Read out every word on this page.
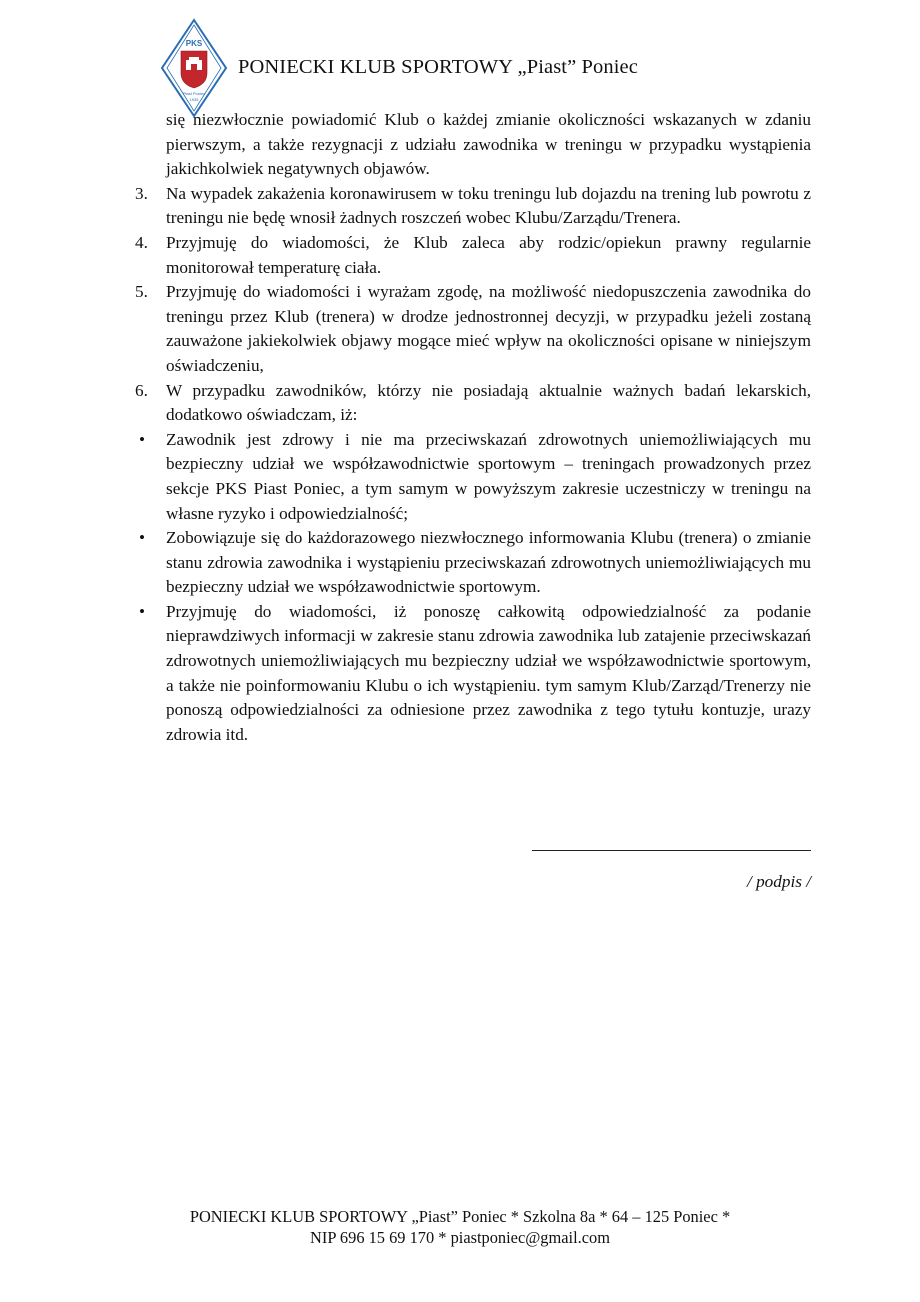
PKS
Piast Poniec
1935
PONIECKI KLUB SPORTOWY „Piast” Poniec
się niezwłocznie powiadomić Klub o każdej zmianie okoliczności wskazanych w zdaniu pierwszym, a także rezygnacji z udziału zawodnika w treningu w przypadku wystąpienia jakichkolwiek negatywnych objawów.
3.	Na wypadek zakażenia koronawirusem w toku treningu lub dojazdu na trening lub powrotu z treningu nie będę wnosił żadnych roszczeń wobec Klubu/Zarządu/Trenera.
4.	Przyjmuję do wiadomości, że Klub zaleca aby rodzic/opiekun prawny regularnie monitorował temperaturę ciała.
5.	Przyjmuję do wiadomości i wyrażam zgodę, na możliwość niedopuszczenia zawodnika do treningu przez Klub (trenera) w drodze jednostronnej decyzji, w przypadku jeżeli zostaną zauważone jakiekolwiek objawy mogące mieć wpływ na okoliczności opisane w niniejszym oświadczeniu,
6.	W przypadku zawodników, którzy nie posiadają aktualnie ważnych badań lekarskich, dodatkowo oświadczam, iż:
• Zawodnik jest zdrowy i nie ma przeciwskazań zdrowotnych uniemożliwiających mu bezpieczny udział we współzawodnictwie sportowym – treningach prowadzonych przez sekcje PKS Piast Poniec, a tym samym w powyższym zakresie uczestniczy w treningu na własne ryzyko i odpowiedzialność;
• Zobowiązuje się do każdorazowego niezwłocznego informowania Klubu (trenera) o zmianie stanu zdrowia zawodnika i wystąpieniu przeciwskazań zdrowotnych uniemożliwiających mu bezpieczny udział we współzawodnictwie sportowym.
• Przyjmuję do wiadomości, iż ponoszę całkowitą odpowiedzialność za podanie nieprawdziwych informacji w zakresie stanu zdrowia zawodnika lub zatajenie przeciwskazań zdrowotnych uniemożliwiających mu bezpieczny udział we współzawodnictwie sportowym, a także nie poinformowaniu Klubu o ich wystąpieniu. tym samym Klub/Zarząd/Trenerzy nie ponoszą odpowiedzialności za odniesione przez zawodnika z tego tytułu kontuzje, urazy zdrowia itd.
/ podpis /
PONIECKI KLUB SPORTOWY „Piast” Poniec * Szkolna 8a * 64 – 125 Poniec *
NIP 696 15 69 170 * piastponiec@gmail.com
